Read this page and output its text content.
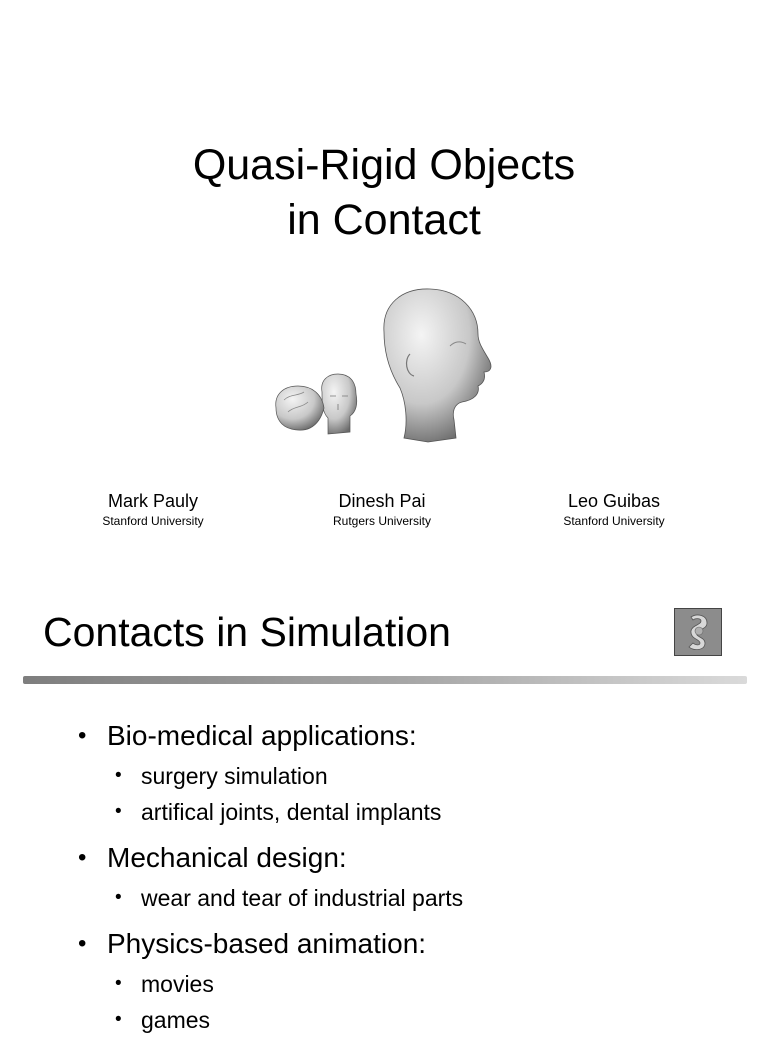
Quasi-Rigid Objects
in Contact
Mark Pauly
Stanford University
Dinesh Pai
Rutgers University
Leo Guibas
Stanford University
Contacts in Simulation
• Bio-medical applications:
• surgery simulation
• artifical joints, dental implants
• Mechanical design:
• wear and tear of industrial parts
• Physics-based animation:
• movies
• games
